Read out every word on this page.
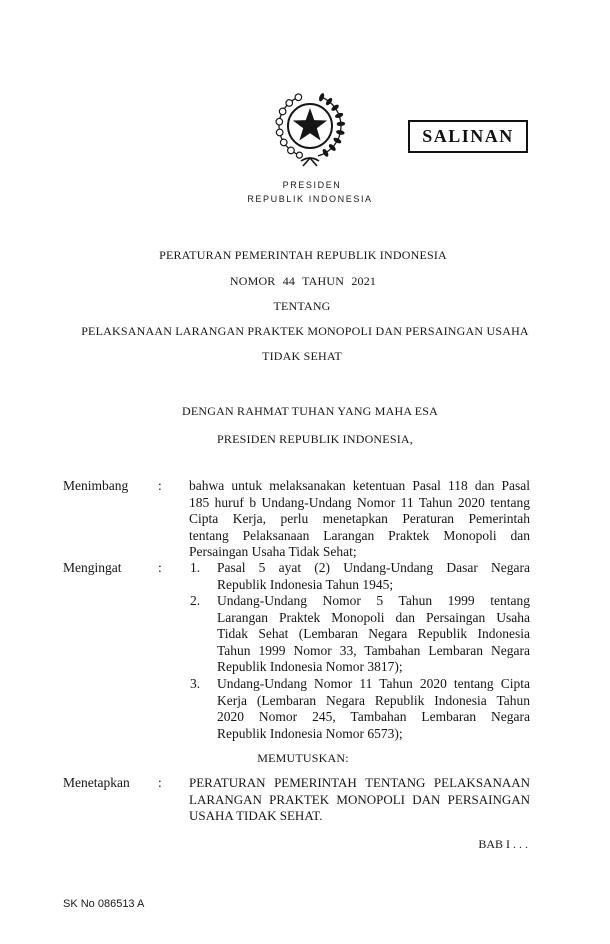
SALINAN
PRESIDEN
REPUBLIK INDONESIA
PERATURAN PEMERINTAH REPUBLIK INDONESIA
NOMOR 44 TAHUN 2021
TENTANG
PELAKSANAAN LARANGAN PRAKTEK MONOPOLI DAN PERSAINGAN USAHA
TIDAK SEHAT
DENGAN RAHMAT TUHAN YANG MAHA ESA
PRESIDEN REPUBLIK INDONESIA,
Menimbang : bahwa untuk melaksanakan ketentuan Pasal 118 dan Pasal
185 huruf b Undang-Undang Nomor 11 Tahun 2020 tentang
Cipta Kerja, perlu menetapkan Peraturan Pemerintah
tentang Pelaksanaan Larangan Praktek Monopoli dan
Persaingan Usaha Tidak Sehat;
Mengingat	: 1. Pasal 5 ayat (2) Undang-Undang Dasar Negara
Republik Indonesia Tahun 1945;
2. Undang-Undang Nomor 5 Tahun 1999 tentang
Larangan Praktek Monopoli dan Persaingan Usaha
Tidak Sehat (Lembaran Negara Republik Indonesia
Tahun 1999 Nomor 33, Tambahan Lembaran Negara
Republik Indonesia Nomor 3817);
3. Undang-Undang Nomor 11 Tahun 2020 tentang Cipta
Kerja (Lembaran Negara Republik Indonesia Tahun
2020 Nomor 245, Tambahan Lembaran Negara
Republik Indonesia Nomor 6573);
MEMUTUSKAN:
Menetapkan : PERATURAN PEMERINTAH TENTANG PELAKSANAAN
LARANGAN PRAKTEK MONOPOLI DAN PERSAINGAN
USAHA TIDAK SEHAT.
BAB I . . .
SK No 086513 A
